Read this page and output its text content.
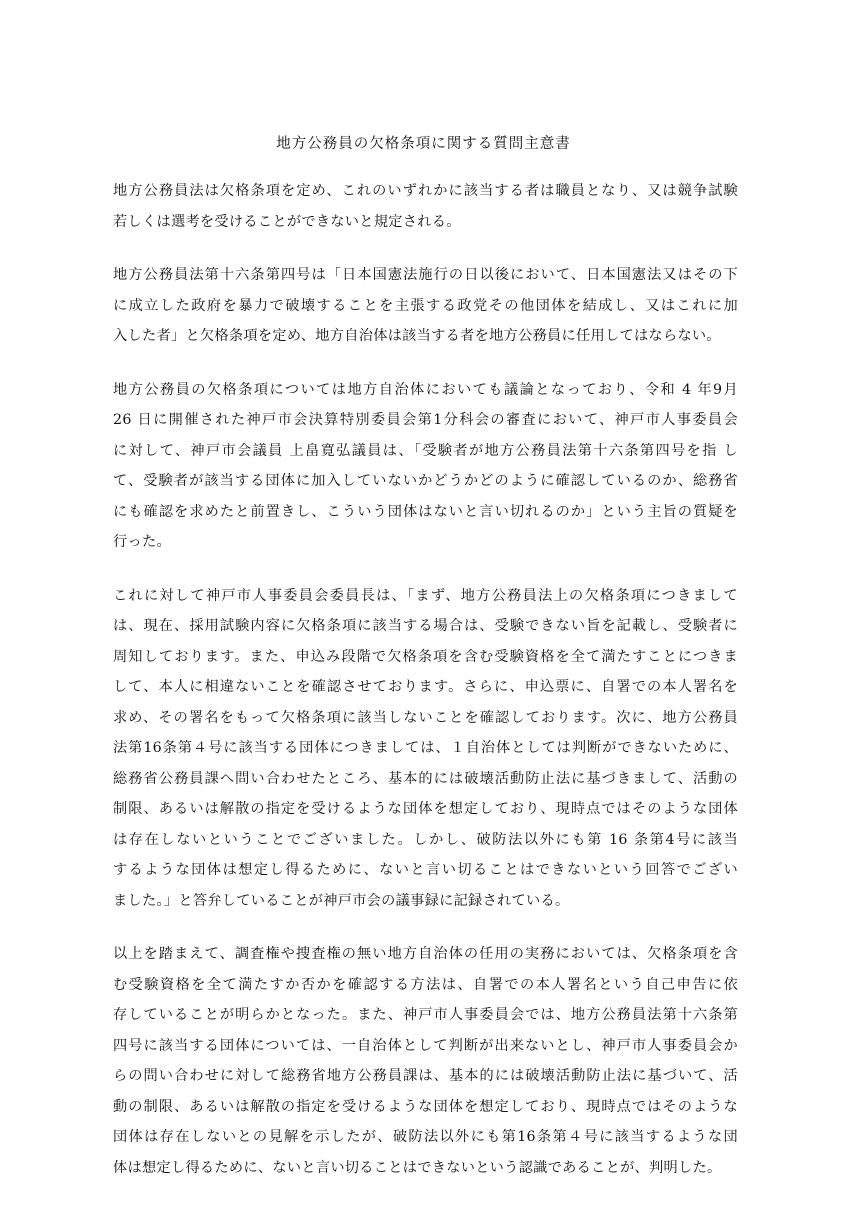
地方公務員の欠格条項に関する質問主意書

地方公務員法は欠格条項を定め、これのいずれかに該当する者は職員となり、又は競争試験
若しくは選考を受けることができないと規定される。

地方公務員法第十六条第四号は「日本国憲法施行の日以後において、日本国憲法又はその下
に成立した政府を暴力で破壊することを主張する政党その他団体を結成し、又はこれに加
入した者」と欠格条項を定め、地方自治体は該当する者を地方公務員に任用してはならない。

地方公務員の欠格条項については地方自治体においても議論となっており、令和 4 年9月
26 日に開催された神戸市会決算特別委員会第1分科会の審査において、神戸市人事委員会
に対して、神戸市会議員 上畠寛弘議員は、「受験者が地方公務員法第十六条第四号を指 し
て、受験者が該当する団体に加入していないかどうかどのように確認しているのか、総務省
にも確認を求めたと前置きし、こういう団体はないと言い切れるのか」という主旨の質疑を
行った。

これに対して神戸市人事委員会委員長は、「まず、地方公務員法上の欠格条項につきまして
は、現在、採用試験内容に欠格条項に該当する場合は、受験できない旨を記載し、受験者に
周知しております。また、申込み段階で欠格条項を含む受験資格を全て満たすことにつきま
して、本人に相違ないことを確認させております。さらに、申込票に、自署での本人署名を
求め、その署名をもって欠格条項に該当しないことを確認しております。次に、地方公務員
法第16条第４号に該当する団体につきましては、１自治体としては判断ができないために、
総務省公務員課へ問い合わせたところ、基本的には破壊活動防止法に基づきまして、活動の
制限、あるいは解散の指定を受けるような団体を想定しており、現時点ではそのような団体
は存在しないということでございました。しかし、破防法以外にも第 16 条第4号に該当
するような団体は想定し得るために、ないと言い切ることはできないという回答でござい
ました。」と答弁していることが神戸市会の議事録に記録されている。

以上を踏まえて、調査権や捜査権の無い地方自治体の任用の実務においては、欠格条項を含
む受験資格を全て満たすか否かを確認する方法は、自署での本人署名という自己申告に依
存していることが明らかとなった。また、神戸市人事委員会では、地方公務員法第十六条第
四号に該当する団体については、一自治体として判断が出来ないとし、神戸市人事委員会か
らの問い合わせに対して総務省地方公務員課は、基本的には破壊活動防止法に基づいて、活
動の制限、あるいは解散の指定を受けるような団体を想定しており、現時点ではそのような
団体は存在しないとの見解を示したが、破防法以外にも第16条第４号に該当するような団
体は想定し得るために、ないと言い切ることはできないという認識であることが、判明した。
